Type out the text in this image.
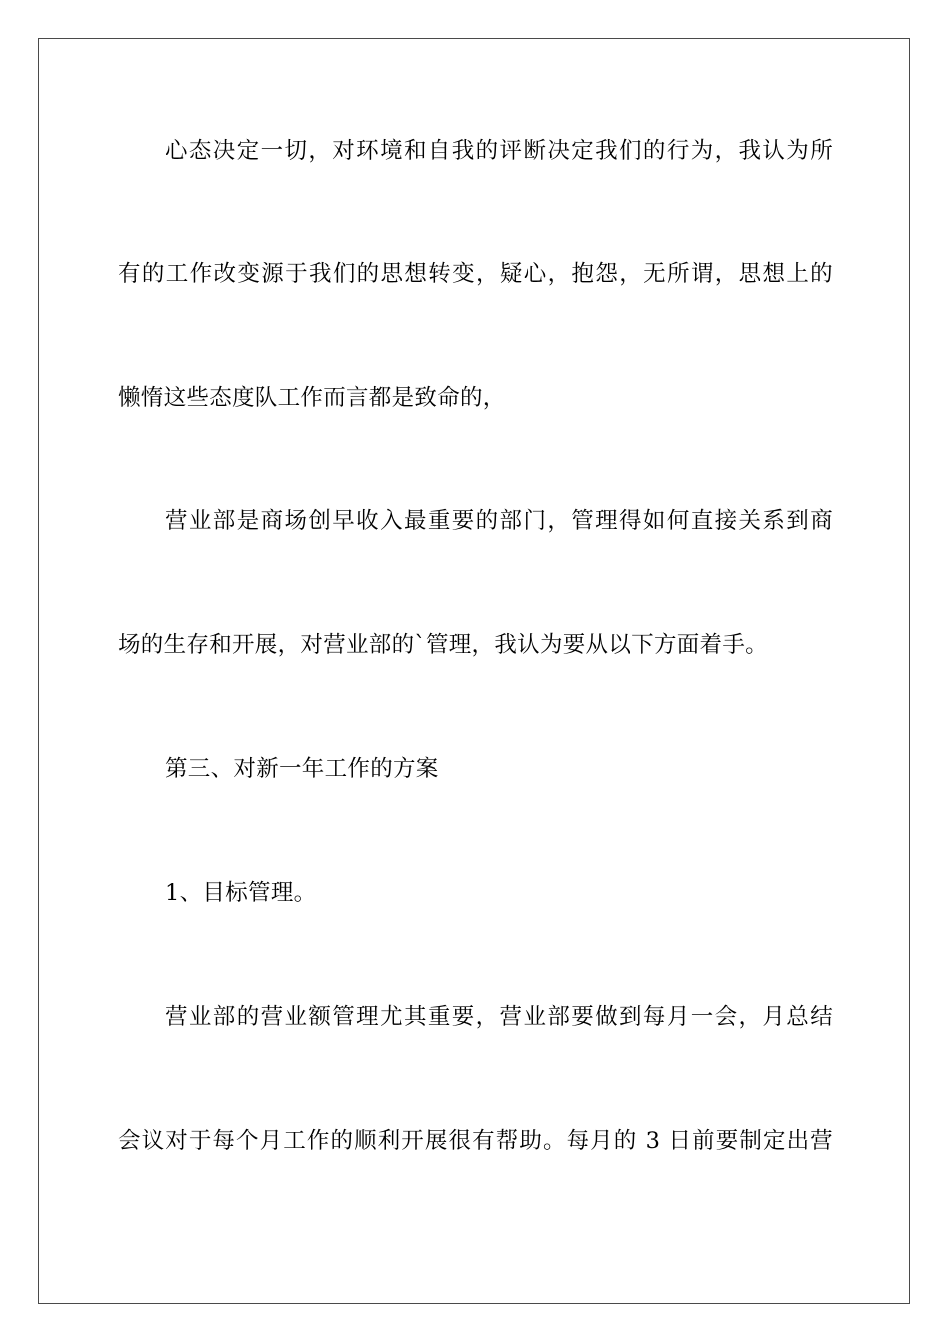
心态决定一切，对环境和自我的评断决定我们的行为，我认为所

有的工作改变源于我们的思想转变，疑心，抱怨，无所谓，思想上的

懒惰这些态度队工作而言都是致命的，

营业部是商场创早收入最重要的部门，管理得如何直接关系到商

场的生存和开展，对营业部的`管理，我认为要从以下方面着手。

第三、对新一年工作的方案

1、目标管理。

营业部的营业额管理尤其重要，营业部要做到每月一会，月总结

会议对于每个月工作的顺利开展很有帮助。每月的 3 日前要制定出营
